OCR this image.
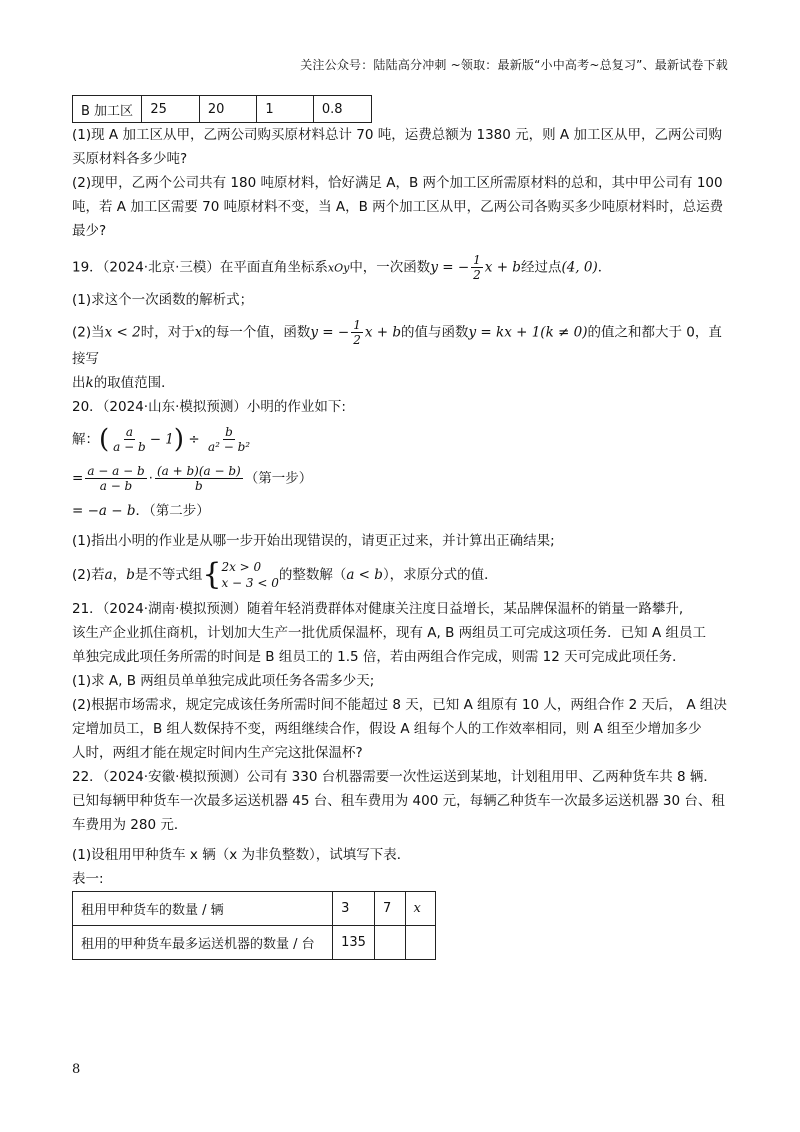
关注公众号：陆陆高分冲刺 ~领取：最新版“小中高考~总复习”、最新试卷下载
B 加工区	25	20	1	0.8

(1)现 A 加工区从甲，乙两公司购买原材料总计 70 吨，运费总额为 1380 元，则 A 加工区从甲，乙两公司购买原材料各多少吨?

(2)现甲，乙两个公司共有 180 吨原材料，恰好满足 A，B 两个加工区所需原材料的总和，其中甲公司有 100 吨，若 A 加工区需要 70 吨原材料不变，当 A，B 两个加工区从甲，乙两公司各购买多少吨原材料时，总运费最少?

19．（2024·北京·三模）在平面直角坐标系xOy中，一次函数y = − $\frac{1}{2}$ x + b经过点(4, 0)．

(1)求这个一次函数的解析式；

(2)当x < 2时，对于x的每一个值，函数y = − $\frac{1}{2}$ x + b的值与函数y = kx + 1(k ≠ 0)的值之和都大于 0，直接写

出k的取值范围．

20．（2024·山东·模拟预测）小明的作业如下:

解：( $\frac{a}{a - b} - 1) \div \frac{b}{\text{a² − b²}}$

= $\frac{a - a - b}{a - b} \cdot \frac{(a + b)(a - b)}{b}$ （第一步）

= −a − b．（第二步）

(1)指出小明的作业是从哪一步开始出现错误的，请更正过来，并计算出正确结果;

(2)若a，b是不等式组 { 2x > 0
x − 3 < 0 的整数解（a < b），求原分式的值．

21．（2024·湖南·模拟预测）随着年轻消费群体对健康关注度日益增长，某品牌保温杯的销量一路攀升,

该生产企业抓住商机，计划加大生产一批优质保温杯，现有 A, B 两组员工可完成这项任务．已知 A 组员工

单独完成此项任务所需的时间是 B 组员工的 1.5 倍，若由两组合作完成，则需 12 天可完成此项任务．

(1)求 A, B 两组员单单独完成此项任务各需多少天;

(2)根据市场需求，规定完成该任务所需时间不能超过 8 天，已知 A 组原有 10 人，两组合作 2 天后， A 组决

定增加员工，B 组人数保持不变，两组继续合作，假设 A 组每个人的工作效率相同，则 A 组至少增加多少

人时，两组才能在规定时间内生产完这批保温杯?

22．（2024·安徽·模拟预测）公司有 330 台机器需要一次性运送到某地，计划租用甲、乙两种货车共 8 辆．

已知每辆甲种货车一次最多运送机器 45 台、租车费用为 400 元，每辆乙种货车一次最多运送机器 30 台、租

车费用为 280 元．

(1)设租用甲种货车 x 辆（x 为非负整数），试填写下表．

表一:

租用甲种货车的数量 / 辆	3	7	x
租用的甲种货车最多运送机器的数量 / 台	135		
8
